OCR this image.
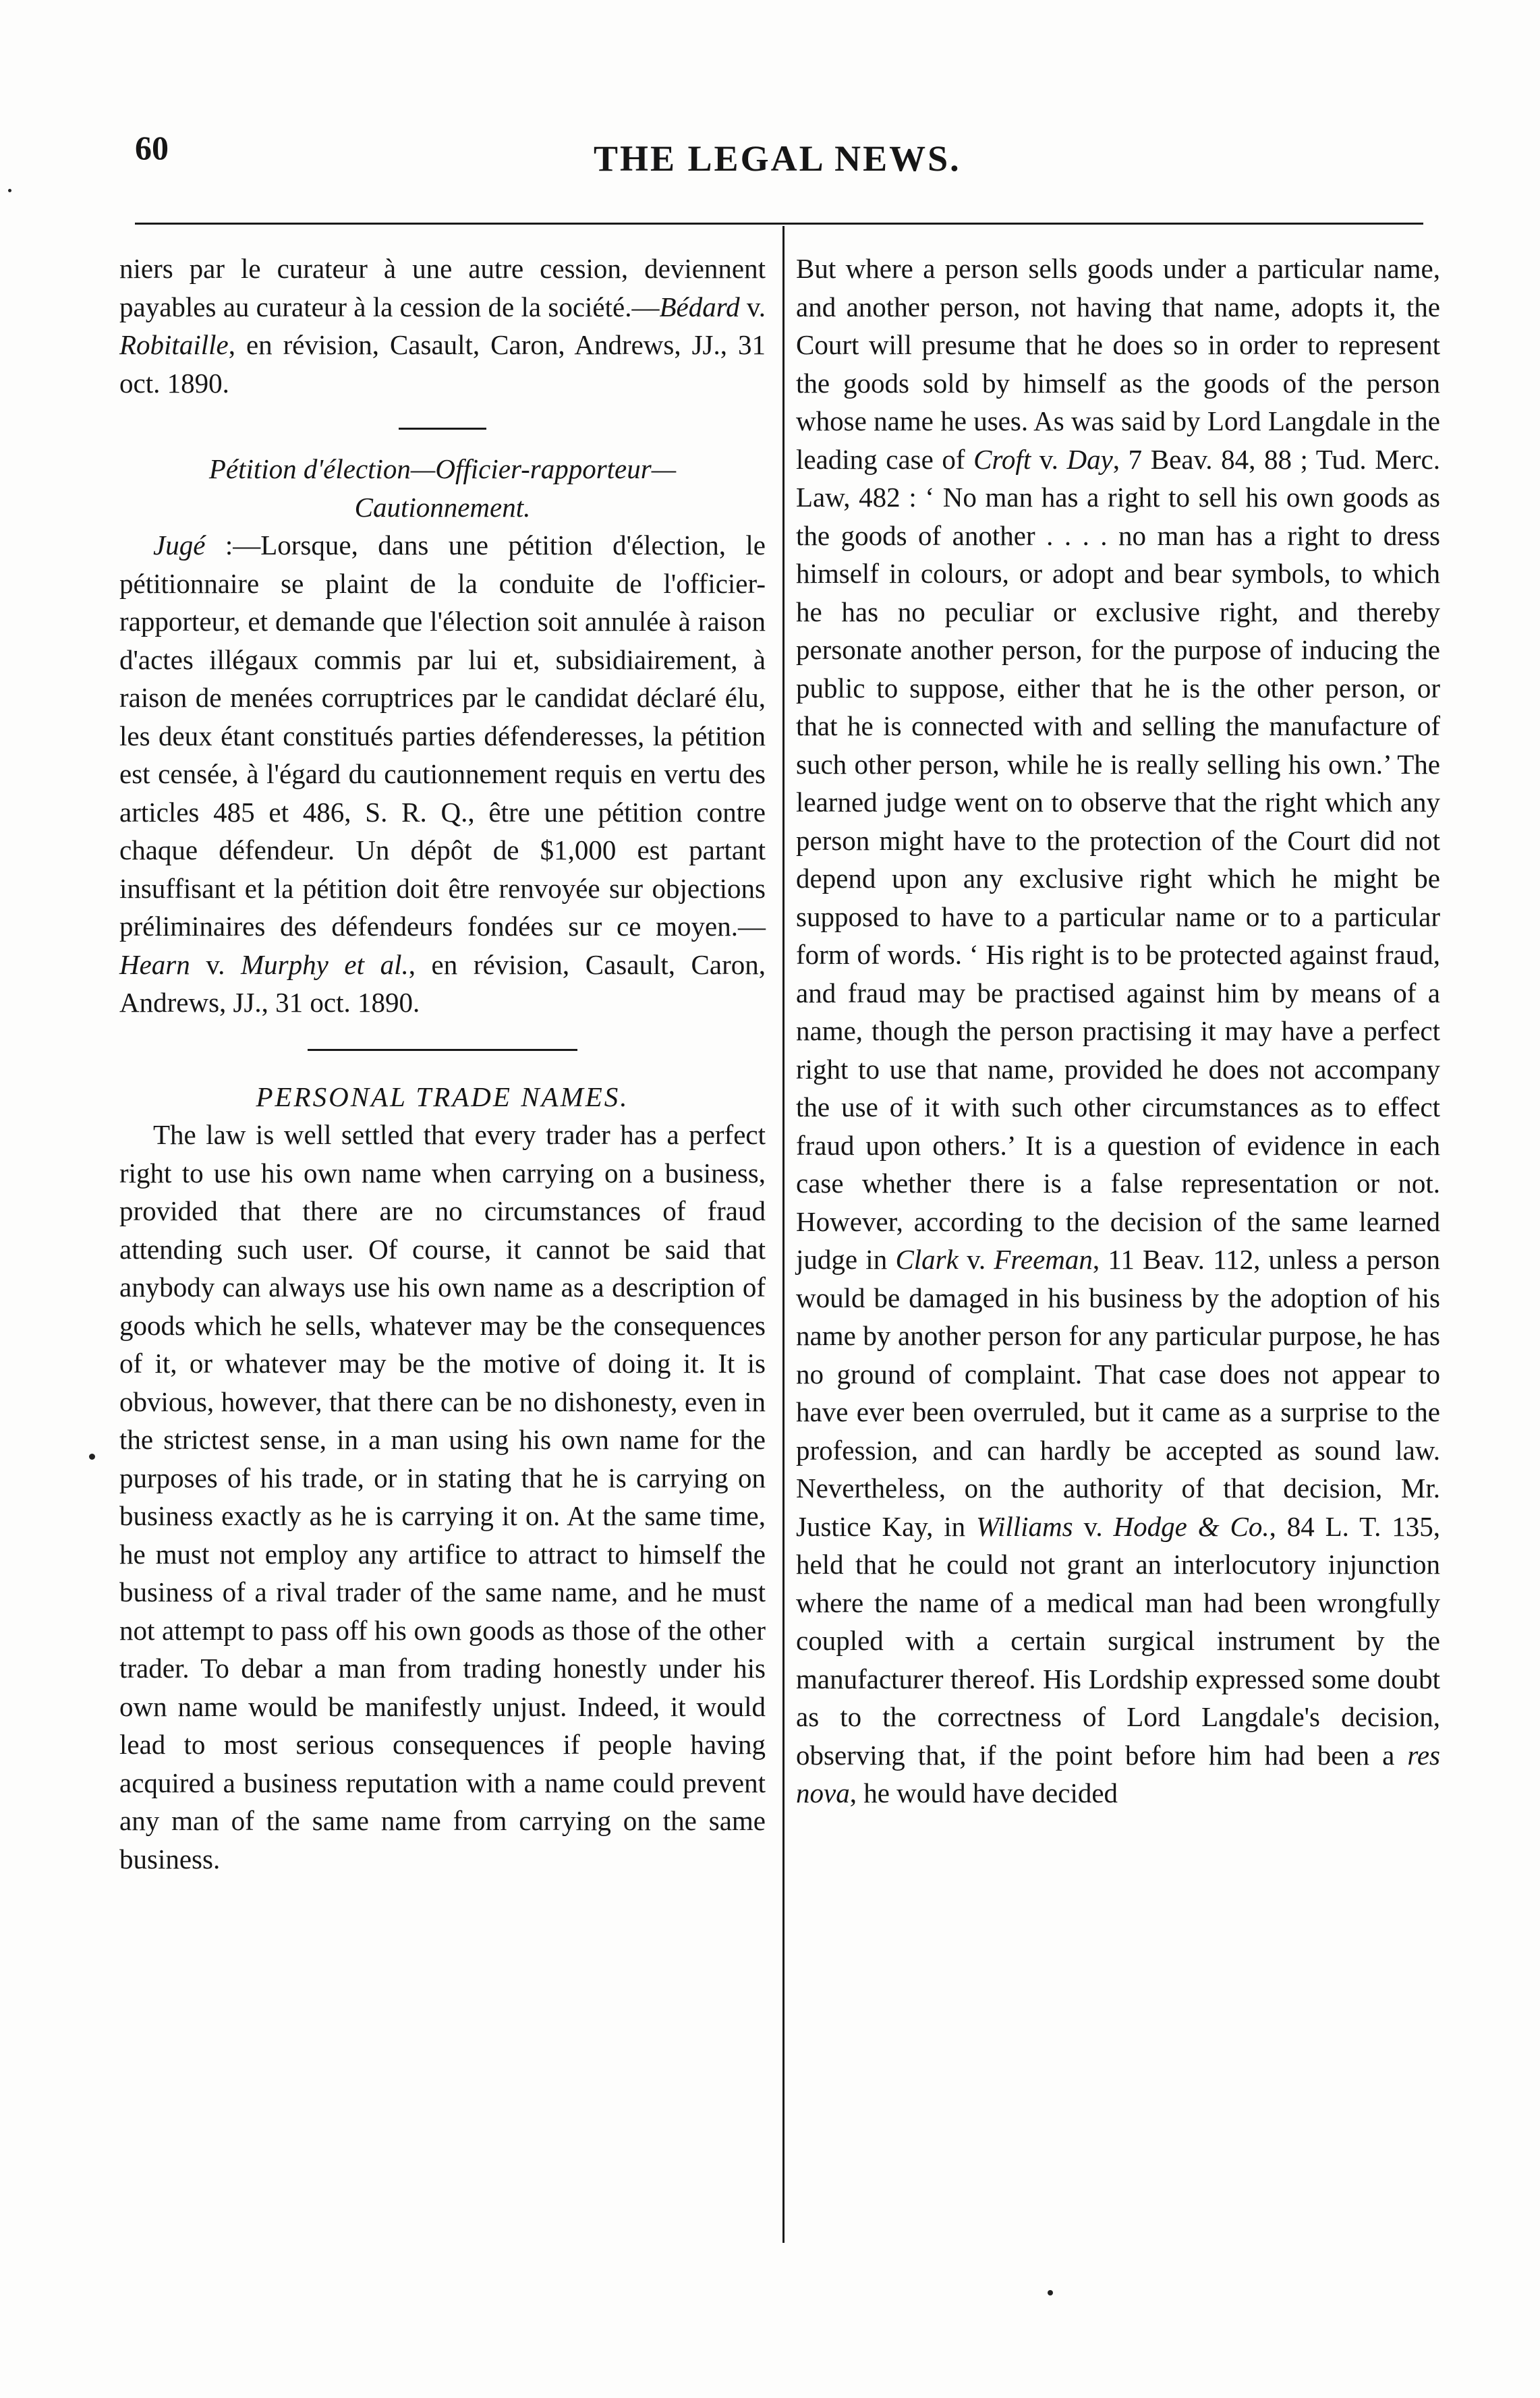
60	THE LEGAL NEWS.

niers par le curateur à une autre cession, deviennent payables au curateur à la cession de la société.—Bédard v. Robitaille, en révision, Casault, Caron, Andrews, JJ., 31 oct. 1890.

Pétition d'élection—Officier-rapporteur—

Cautionnement.

Jugé :—Lorsque, dans une pétition d'élection, le pétitionnaire se plaint de la conduite de l'officier-rapporteur, et demande que l'élection soit annulée à raison d'actes illégaux commis par lui et, subsidiairement, à raison de menées corruptrices par le candidat déclaré élu, les deux étant constitués parties défenderesses, la pétition est censée, à l'égard du cautionnement requis en vertu des articles 485 et 486, S. R. Q., être une pétition contre chaque défendeur. Un dépôt de $1,000 est partant insuffisant et la pétition doit être renvoyée sur objections préliminaires des défendeurs fondées sur ce moyen.—Hearn v. Murphy et al., en révision, Casault, Caron, Andrews, JJ., 31 oct. 1890.

PERSONAL TRADE NAMES.

The law is well settled that every trader has a perfect right to use his own name when carrying on a business, provided that there are no circumstances of fraud attending such user. Of course, it cannot be said that anybody can always use his own name as a description of goods which he sells, whatever may be the consequences of it, or whatever may be the motive of doing it. It is obvious, however, that there can be no dishonesty, even in the strictest sense, in a man using his own name for the purposes of his trade, or in stating that he is carrying on business exactly as he is carrying it on. At the same time, he must not employ any artifice to attract to himself the business of a rival trader of the same name, and he must not attempt to pass off his own goods as those of the other trader. To debar a man from trading honestly under his own name would be manifestly unjust. Indeed, it would lead to most serious consequences if people having acquired a business reputation with a name could prevent any man of the same name from carrying on the same business.

But where a person sells goods under a particular name, and another person, not having that name, adopts it, the Court will presume that he does so in order to represent the goods sold by himself as the goods of the person whose name he uses. As was said by Lord Langdale in the leading case of Croft v. Day, 7 Beav. 84, 88 ; Tud. Merc. Law, 482 : ‘ No man has a right to sell his own goods as the goods of another . . . . no man has a right to dress himself in colours, or adopt and bear symbols, to which he has no peculiar or exclusive right, and thereby personate another person, for the purpose of inducing the public to suppose, either that he is the other person, or that he is connected with and selling the manufacture of such other person, while he is really selling his own.’ The learned judge went on to observe that the right which any person might have to the protection of the Court did not depend upon any exclusive right which he might be supposed to have to a particular name or to a particular form of words. ‘ His right is to be protected against fraud, and fraud may be practised against him by means of a name, though the person practising it may have a perfect right to use that name, provided he does not accompany the use of it with such other circumstances as to effect fraud upon others.’ It is a question of evidence in each case whether there is a false representation or not. However, according to the decision of the same learned judge in Clark v. Freeman, 11 Beav. 112, unless a person would be damaged in his business by the adoption of his name by another person for any particular purpose, he has no ground of complaint. That case does not appear to have ever been overruled, but it came as a surprise to the profession, and can hardly be accepted as sound law. Nevertheless, on the authority of that decision, Mr. Justice Kay, in Williams v. Hodge & Co., 84 L. T. 135, held that he could not grant an interlocutory injunction where the name of a medical man had been wrongfully coupled with a certain surgical instrument by the manufacturer thereof. His Lordship expressed some doubt as to the correctness of Lord Langdale's decision, observing that, if the point before him had been a res nova, he would have decided
